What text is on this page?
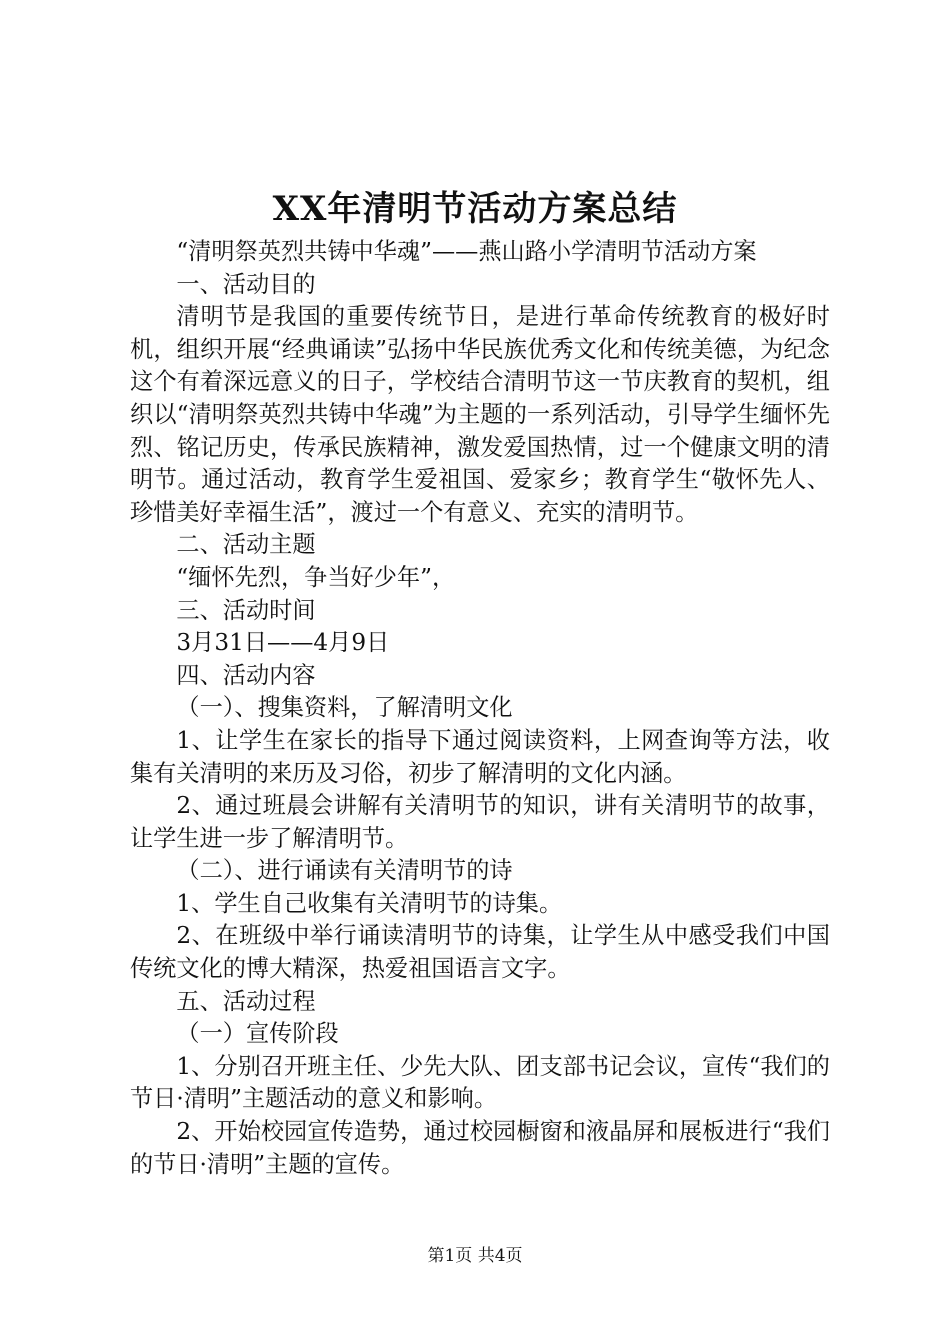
XX年清明节活动方案总结

“清明祭英烈共铸中华魂”——燕山路小学清明节活动方案

一、活动目的

清明节是我国的重要传统节日，是进行革命传统教育的极好时机，组织开展“经典诵读”弘扬中华民族优秀文化和传统美德，为纪念这个有着深远意义的日子，学校结合清明节这一节庆教育的契机，组织以“清明祭英烈共铸中华魂”为主题的一系列活动，引导学生缅怀先烈、铭记历史，传承民族精神，激发爱国热情，过一个健康文明的清明节。通过活动，教育学生爱祖国、爱家乡；教育学生“敬怀先人、珍惜美好幸福生活”，渡过一个有意义、充实的清明节。

二、活动主题

“缅怀先烈，争当好少年”，

三、活动时间

3月31日——4月9日

四、活动内容

（一）、搜集资料，了解清明文化

1、让学生在家长的指导下通过阅读资料，上网查询等方法，收集有关清明的来历及习俗，初步了解清明的文化内涵。

2、通过班晨会讲解有关清明节的知识，讲有关清明节的故事，让学生进一步了解清明节。

（二）、进行诵读有关清明节的诗

1、学生自己收集有关清明节的诗集。

2、在班级中举行诵读清明节的诗集，让学生从中感受我们中国传统文化的博大精深，热爱祖国语言文字。

五、活动过程

（一）宣传阶段

1、分别召开班主任、少先大队、团支部书记会议，宣传“我们的节日·清明”主题活动的意义和影响。

2、开始校园宣传造势，通过校园橱窗和液晶屏和展板进行“我们的节日·清明”主题的宣传。

第1页 共4页
